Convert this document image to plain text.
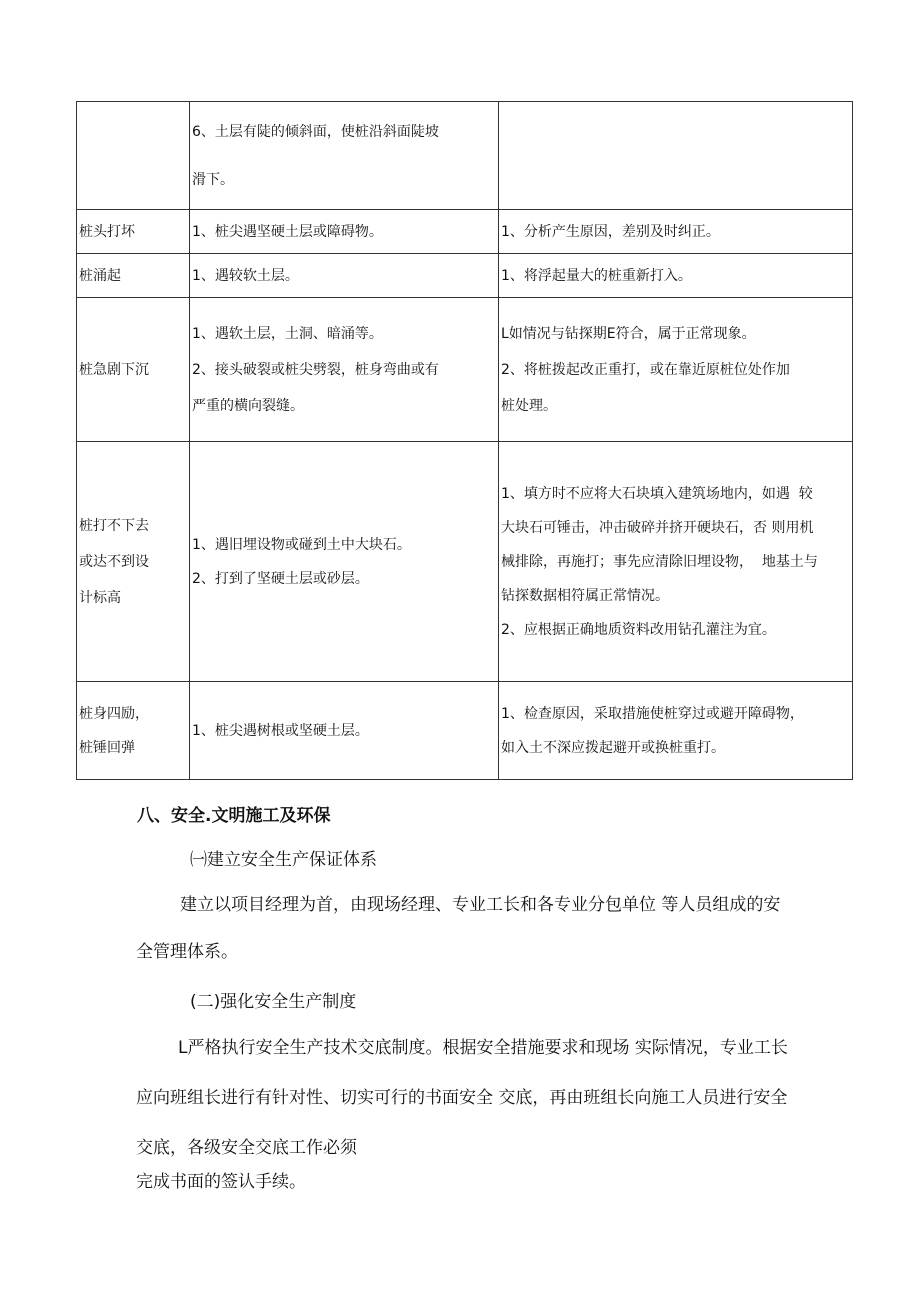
	6、土层有陡的倾斜面，使桩沿斜面陡坡
滑下。	

桩头打坏	1、桩尖遇坚硬土层或障碍物。	1、分析产生原因，差别及时纠正。

桩涌起	1、遇较软土层。	1、将浮起量大的桩重新打入。

桩急剧下沉	1、遇软土层，土洞、暗涌等。
2、接头破裂或桩尖劈裂，桩身弯曲或有
严重的横向裂缝。	L如情况与钻探期E符合，属于正常现象。
2、将桩拨起改正重打，或在靠近原桩位处作加
桩处理。

桩打不下去
或达不到设
计标高	1、遇旧埋设物或碰到土中大块石。
2、打到了坚硬土层或砂层。	1、填方时不应将大石块填入建筑场地内，如遇  较
大块石可锤击，冲击破碎并挤开硬块石，否 则用机
械排除，再施打；事先应清除旧埋设物，  地基土与
钻探数据相符属正常情况。
2、应根据正确地质资料改用钻孔灌注为宜。

桩身四励，
桩锤回弹	1、桩尖遇树根或坚硬土层。	1、检查原因，采取措施使桩穿过或避开障碍物，
如入土不深应拨起避开或换桩重打。
八、安全.文明施工及环保
㈠建立安全生产保证体系
建立以项目经理为首，由现场经理、专业工长和各专业分包单位 等人员组成的安
全管理体系。
(二)强化安全生产制度
L严格执行安全生产技术交底制度。根据安全措施要求和现场 实际情况，专业工长
应向班组长进行有针对性、切实可行的书面安全 交底，再由班组长向施工人员进行安全
交底，各级安全交底工作必须
完成书面的签认手续。
